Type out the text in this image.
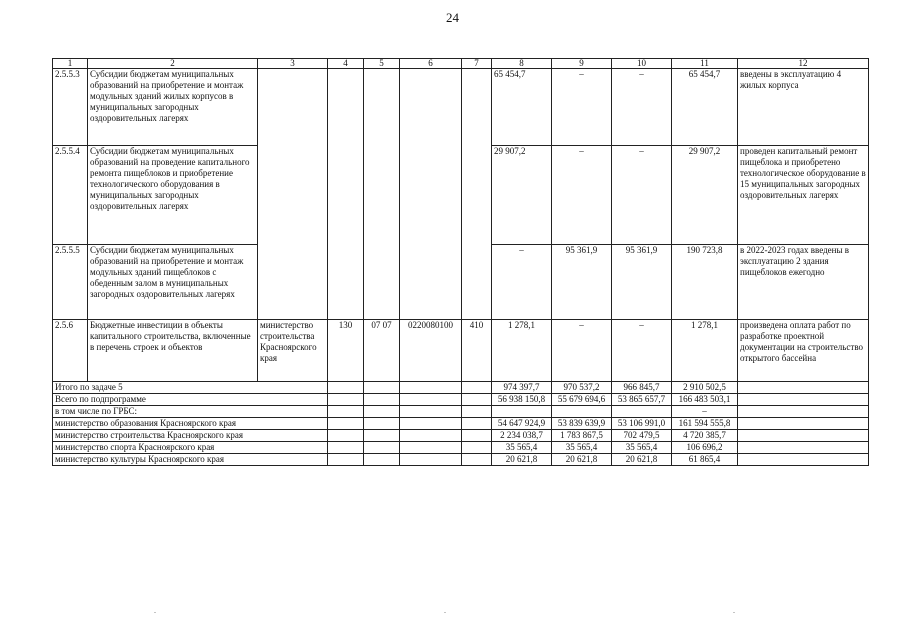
24
1	2	3	4	5	6	7	8	9	10	11	12
2.5.5.3	Субсидии бюджетам муниципальных образований на приобретение и монтаж модульных зданий жилых корпусов в муниципальных загородных оздоровительных лагерях						65 454,7	–	–	65 454,7	введены в эксплуатацию 4 жилых корпуса
2.5.5.4	Субсидии бюджетам муниципальных образований на проведение капитального ремонта пищеблоков и приобретение технологического оборудования в муниципальных загородных оздоровительных лагерях						29 907,2	–	–	29 907,2	проведен капитальный ремонт пищеблока и приобретено технологическое оборудование в 15 муниципальных загородных оздоровительных лагерях
2.5.5.5	Субсидии бюджетам муниципальных образований на приобретение и монтаж модульных зданий пищеблоков с обеденным залом в муниципальных загородных оздоровительных лагерях						–	95 361,9	95 361,9	190 723,8	в 2022-2023 годах введены в эксплуатацию 2 здания пищеблоков ежегодно
2.5.6	Бюджетные инвестиции в объекты капитального строительства, включенные в перечень строек и объектов	министерство строительства Красноярского края	130	07 07	0220080100	410	1 278,1	–	–	1 278,1	произведена оплата работ по разработке проектной документации на строительство открытого бассейна
Итого по задаче 5							974 397,7	970 537,2	966 845,7	2 910 502,5	
Всего по подпрограмме							56 938 150,8	55 679 694,6	53 865 657,7	166 483 503,1	
в том числе по ГРБС:										–	
министерство образования Красноярского края							54 647 924,9	53 839 639,9	53 106 991,0	161 594 555,8	
министерство строительства Красноярского края							2 234 038,7	1 783 867,5	702 479,5	4 720 385,7	
министерство спорта Красноярского края							35 565,4	35 565,4	35 565,4	106 696,2	
министерство культуры Красноярского края							20 621,8	20 621,8	20 621,8	61 865,4	
.	.	.
